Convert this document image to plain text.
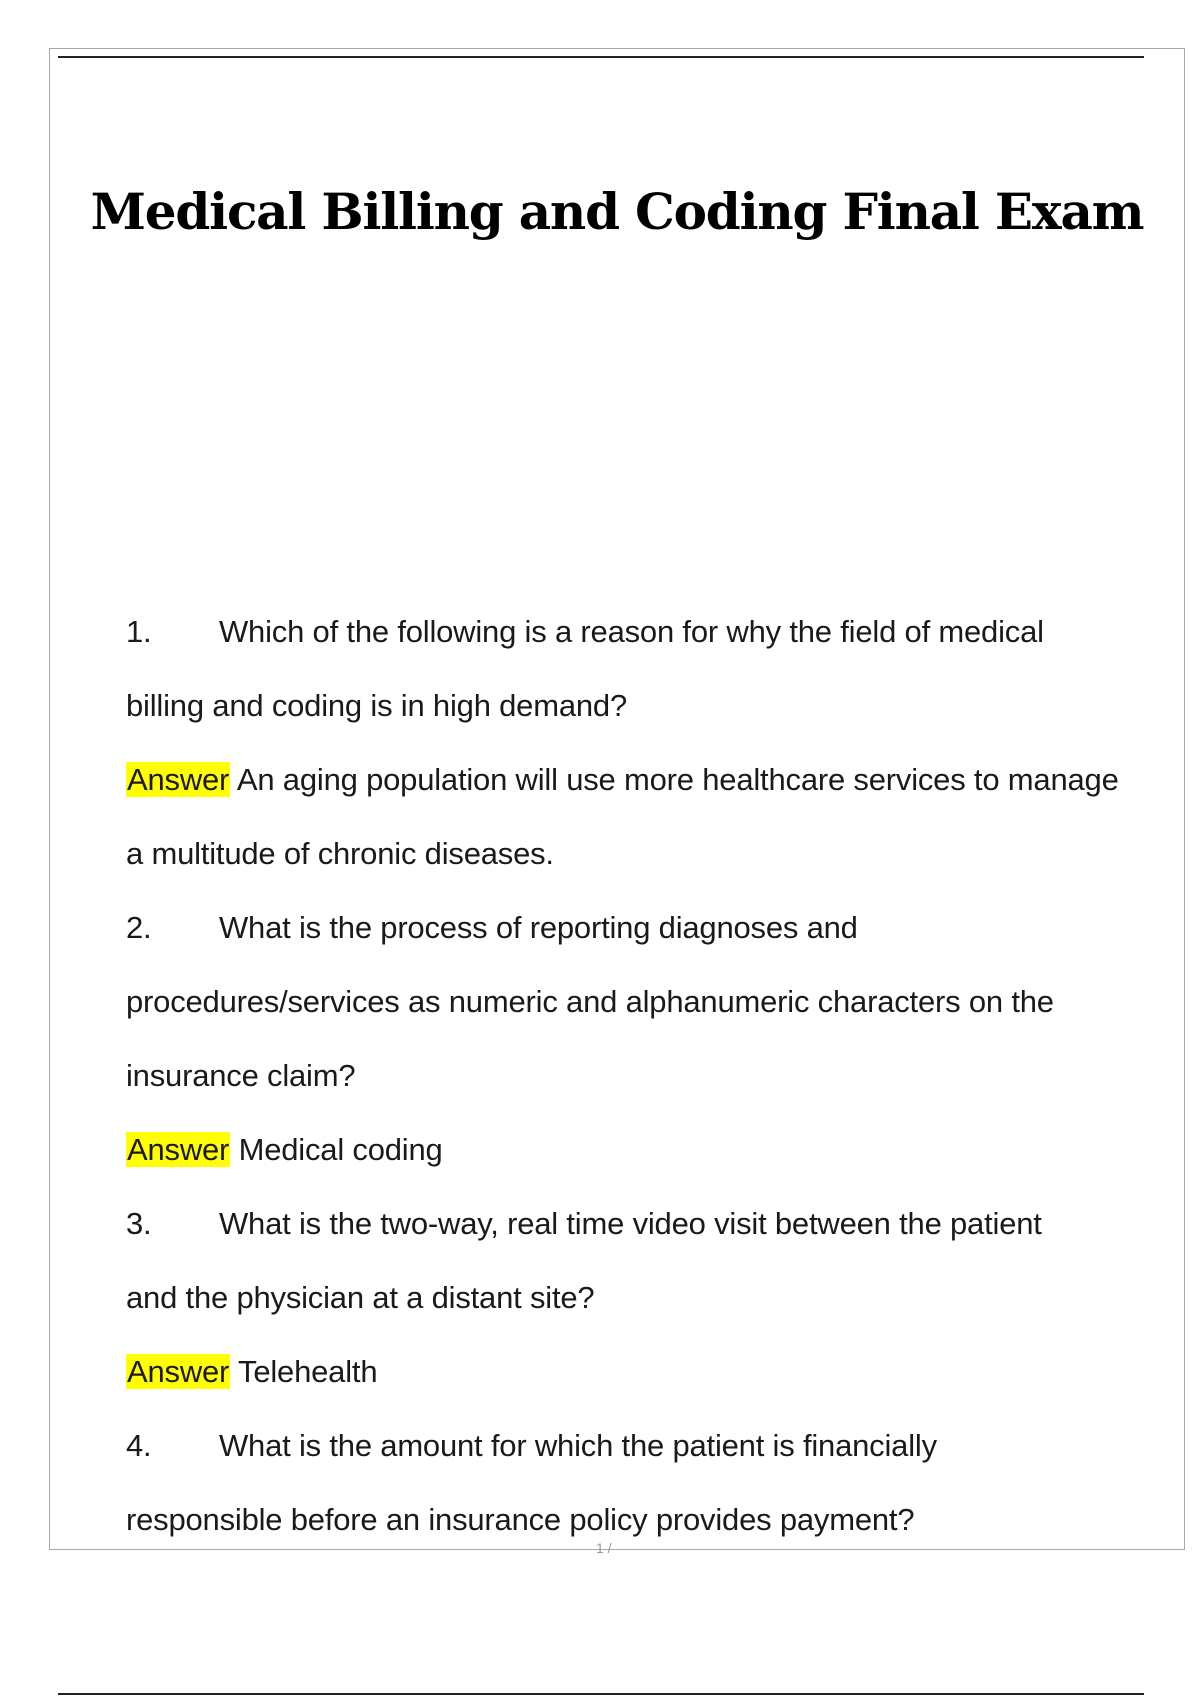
Medical Billing and Coding Final Exam

1. Which of the following is a reason for why the field of medical
billing and coding is in high demand?

Answer An aging population will use more healthcare services to manage a multitude of chronic diseases.

2. What is the process of reporting diagnoses and
procedures/services as numeric and alphanumeric characters on the insurance claim?

Answer Medical coding

3. What is the two-way, real time video visit between the patient
and the physician at a distant site?

Answer Telehealth

4. What is the amount for which the patient is financially
responsible before an insurance policy provides payment?

1 /
